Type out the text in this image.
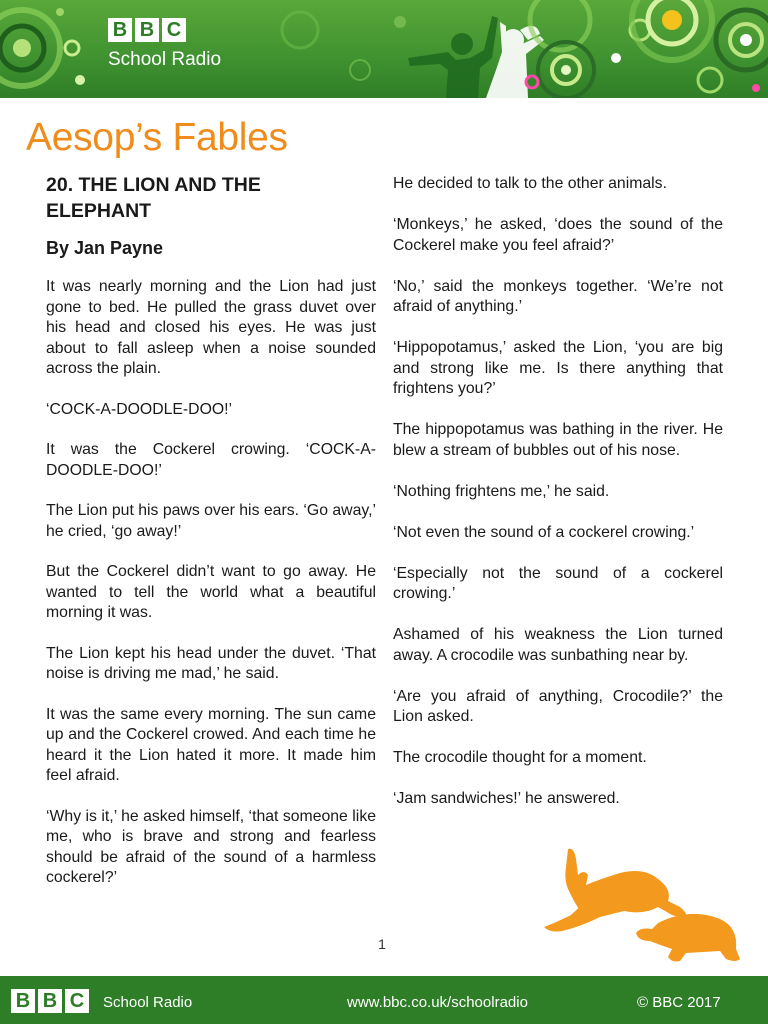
B B C
School Radio
Aesop’s Fables
20. THE LION AND THE
ELEPHANT
By Jan Payne

It was nearly morning and the Lion had just gone to bed. He pulled the grass duvet over his head and closed his eyes. He was just about to fall asleep when a noise sounded across the plain.

‘COCK-A-DOODLE-DOO!’

It was the Cockerel crowing. ‘COCK-A-DOODLE-DOO!’

The Lion put his paws over his ears. ‘Go away,’ he cried, ‘go away!’

But the Cockerel didn’t want to go away. He wanted to tell the world what a beautiful morning it was.

The Lion kept his head under the duvet. ‘That noise is driving me mad,’ he said.

It was the same every morning. The sun came up and the Cockerel crowed. And each time he heard it the Lion hated it more. It made him feel afraid.

‘Why is it,’ he asked himself, ‘that someone like me, who is brave and strong and fearless should be afraid of the sound of a harmless cockerel?’

He decided to talk to the other animals.

‘Monkeys,’ he asked, ‘does the sound of the Cockerel make you feel afraid?’

‘No,’ said the monkeys together. ‘We’re not afraid of anything.’

‘Hippopotamus,’ asked the Lion, ‘you are big and strong like me. Is there anything that frightens you?’

The hippopotamus was bathing in the river. He blew a stream of bubbles out of his nose.

‘Nothing frightens me,’ he said.

‘Not even the sound of a cockerel crowing.’

‘Especially not the sound of a cockerel crowing.’

Ashamed of his weakness the Lion turned away. A crocodile was sunbathing near by.

‘Are you afraid of anything, Crocodile?’ the Lion asked.

The crocodile thought for a moment.

‘Jam sandwiches!’ he answered.

1
B B C	School Radio	www.bbc.co.uk/schoolradio	© BBC 2017
